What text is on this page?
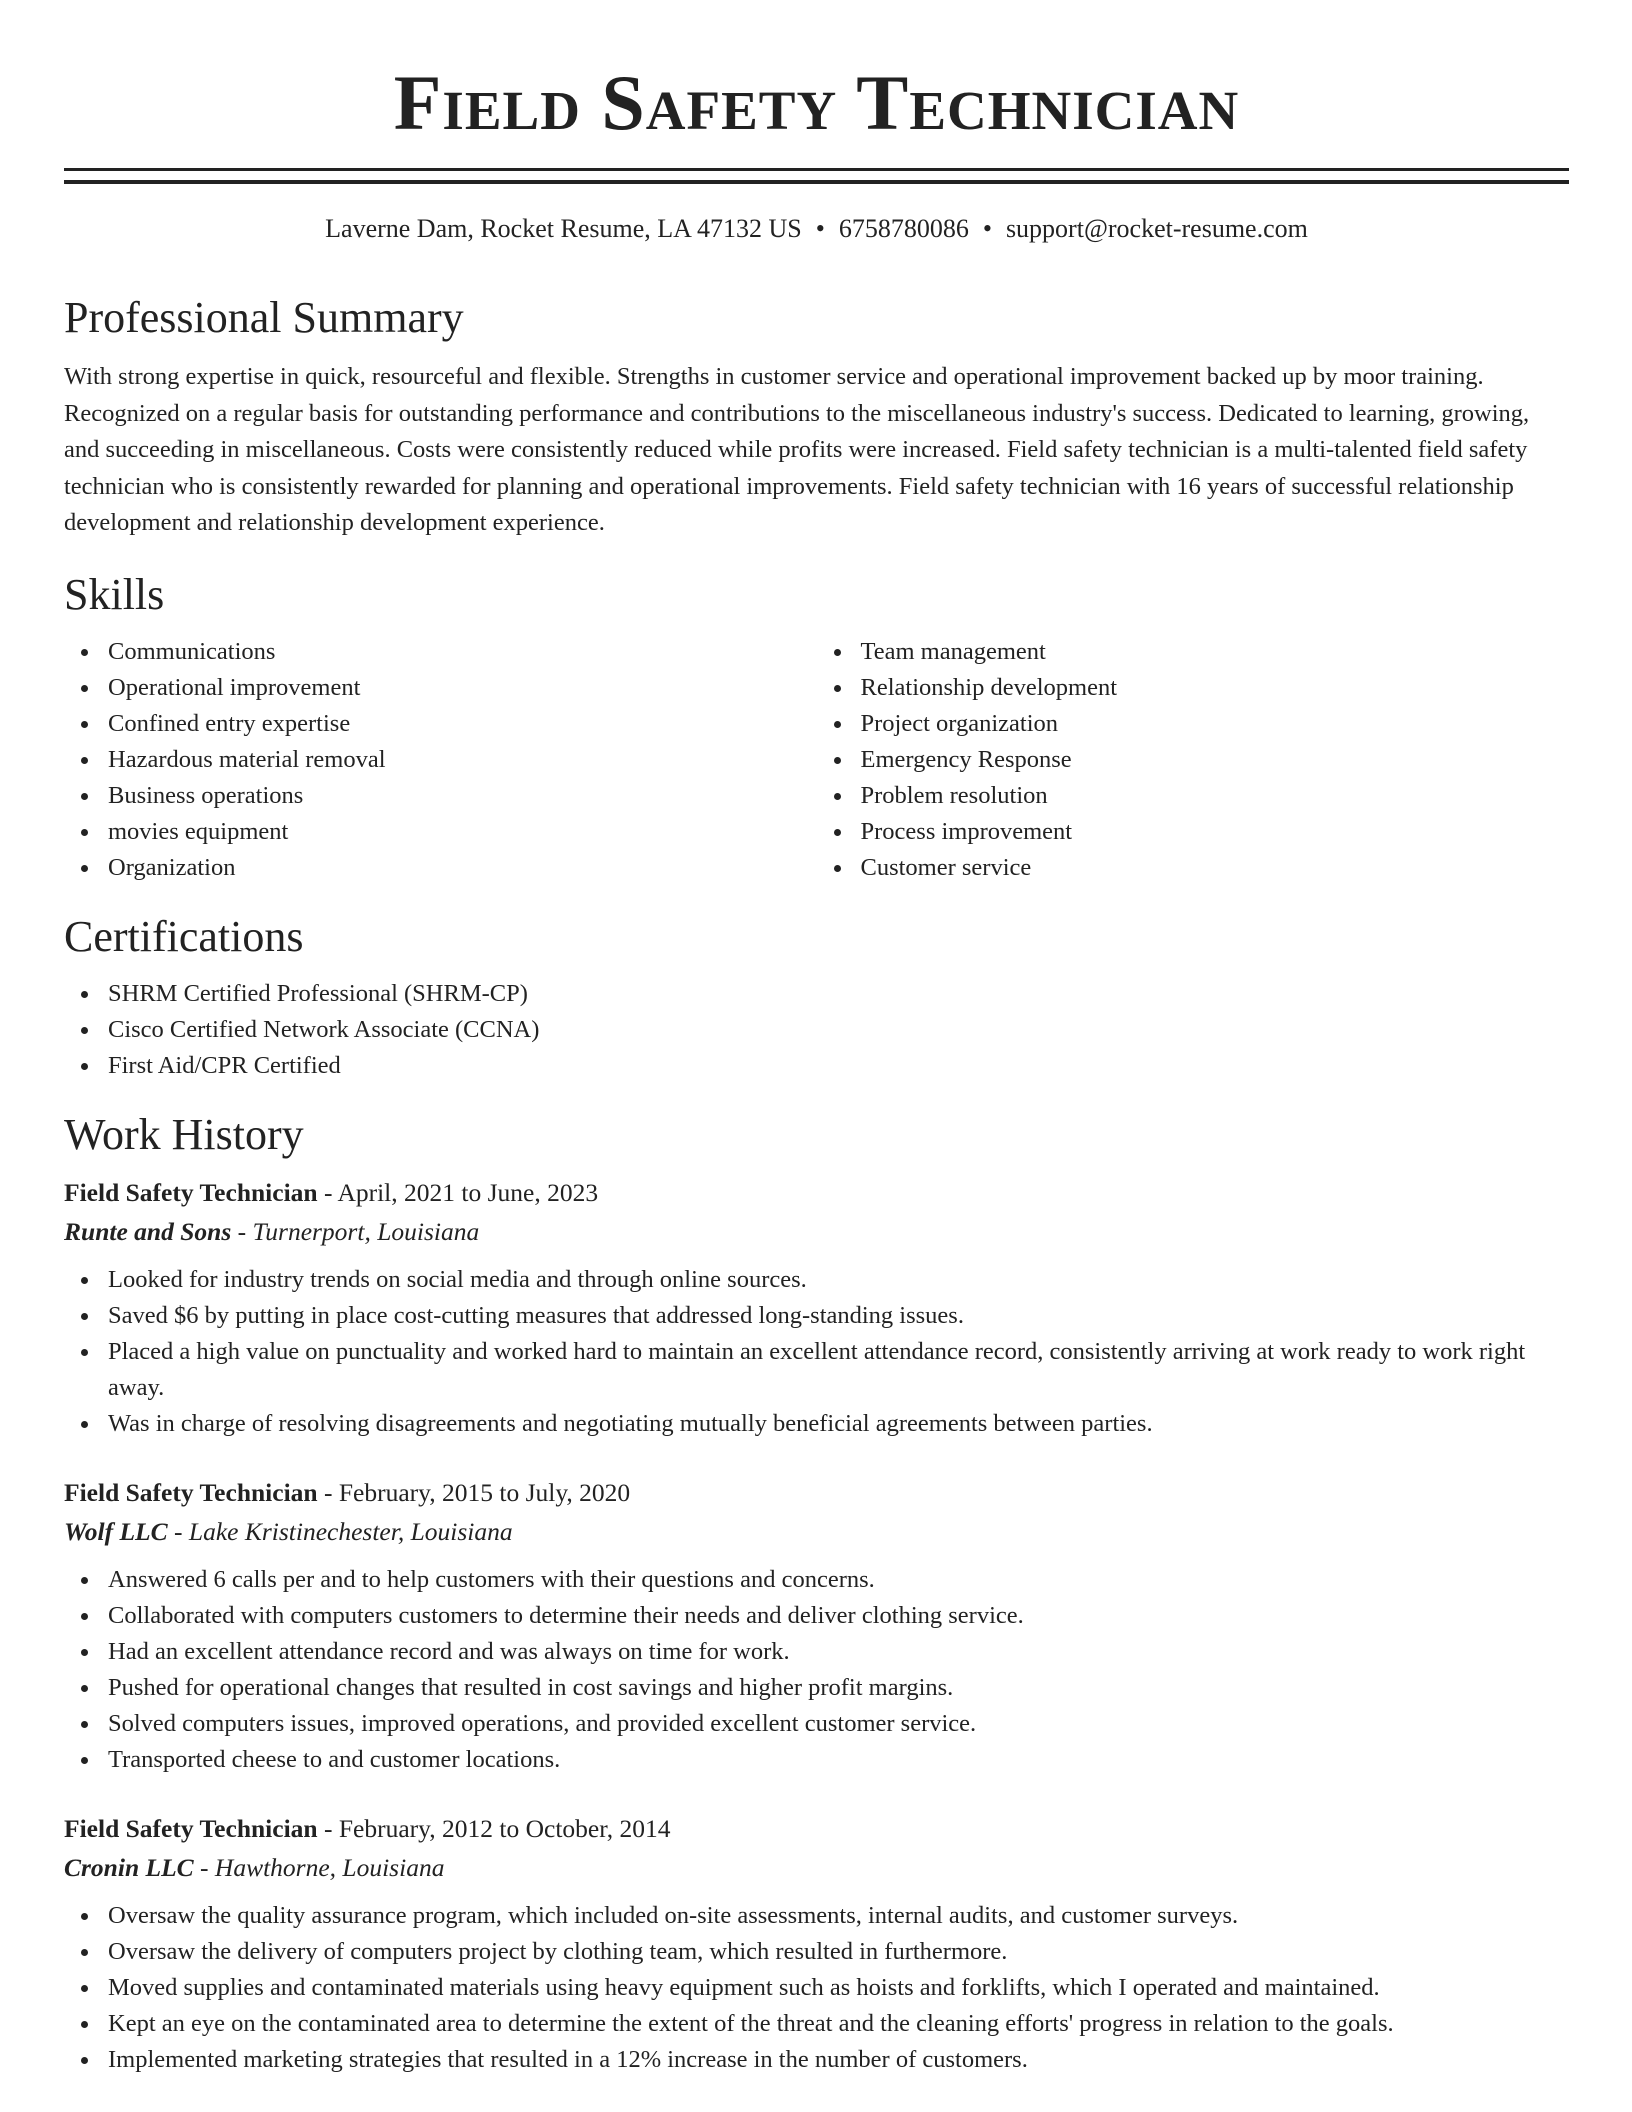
Field Safety Technician
Laverne Dam, Rocket Resume, LA 47132 US • 6758780086 • support@rocket-resume.com
Professional Summary

With strong expertise in quick, resourceful and flexible. Strengths in customer service and operational improvement backed up by moor training. Recognized on a regular basis for outstanding performance and contributions to the miscellaneous industry's success. Dedicated to learning, growing, and succeeding in miscellaneous. Costs were consistently reduced while profits were increased. Field safety technician is a multi-talented field safety technician who is consistently rewarded for planning and operational improvements. Field safety technician with 16 years of successful relationship development and relationship development experience.

Skills
Communications
Operational improvement
Confined entry expertise
Hazardous material removal
Business operations
movies equipment
Organization
Team management
Relationship development
Project organization
Emergency Response
Problem resolution
Process improvement
Customer service
Certifications
SHRM Certified Professional (SHRM-CP)
Cisco Certified Network Associate (CCNA)
First Aid/CPR Certified
Work History
Field Safety Technician - April, 2021 to June, 2023
Runte and Sons - Turnerport, Louisiana
Looked for industry trends on social media and through online sources.
Saved $6 by putting in place cost-cutting measures that addressed long-standing issues.
Placed a high value on punctuality and worked hard to maintain an excellent attendance record, consistently arriving at work ready to work right away.
Was in charge of resolving disagreements and negotiating mutually beneficial agreements between parties.
Field Safety Technician - February, 2015 to July, 2020
Wolf LLC - Lake Kristinechester, Louisiana
Answered 6 calls per and to help customers with their questions and concerns.
Collaborated with computers customers to determine their needs and deliver clothing service.
Had an excellent attendance record and was always on time for work.
Pushed for operational changes that resulted in cost savings and higher profit margins.
Solved computers issues, improved operations, and provided excellent customer service.
Transported cheese to and customer locations.
Field Safety Technician - February, 2012 to October, 2014
Cronin LLC - Hawthorne, Louisiana
Oversaw the quality assurance program, which included on-site assessments, internal audits, and customer surveys.
Oversaw the delivery of computers project by clothing team, which resulted in furthermore.
Moved supplies and contaminated materials using heavy equipment such as hoists and forklifts, which I operated and maintained.
Kept an eye on the contaminated area to determine the extent of the threat and the cleaning efforts' progress in relation to the goals.
Implemented marketing strategies that resulted in a 12% increase in the number of customers.
